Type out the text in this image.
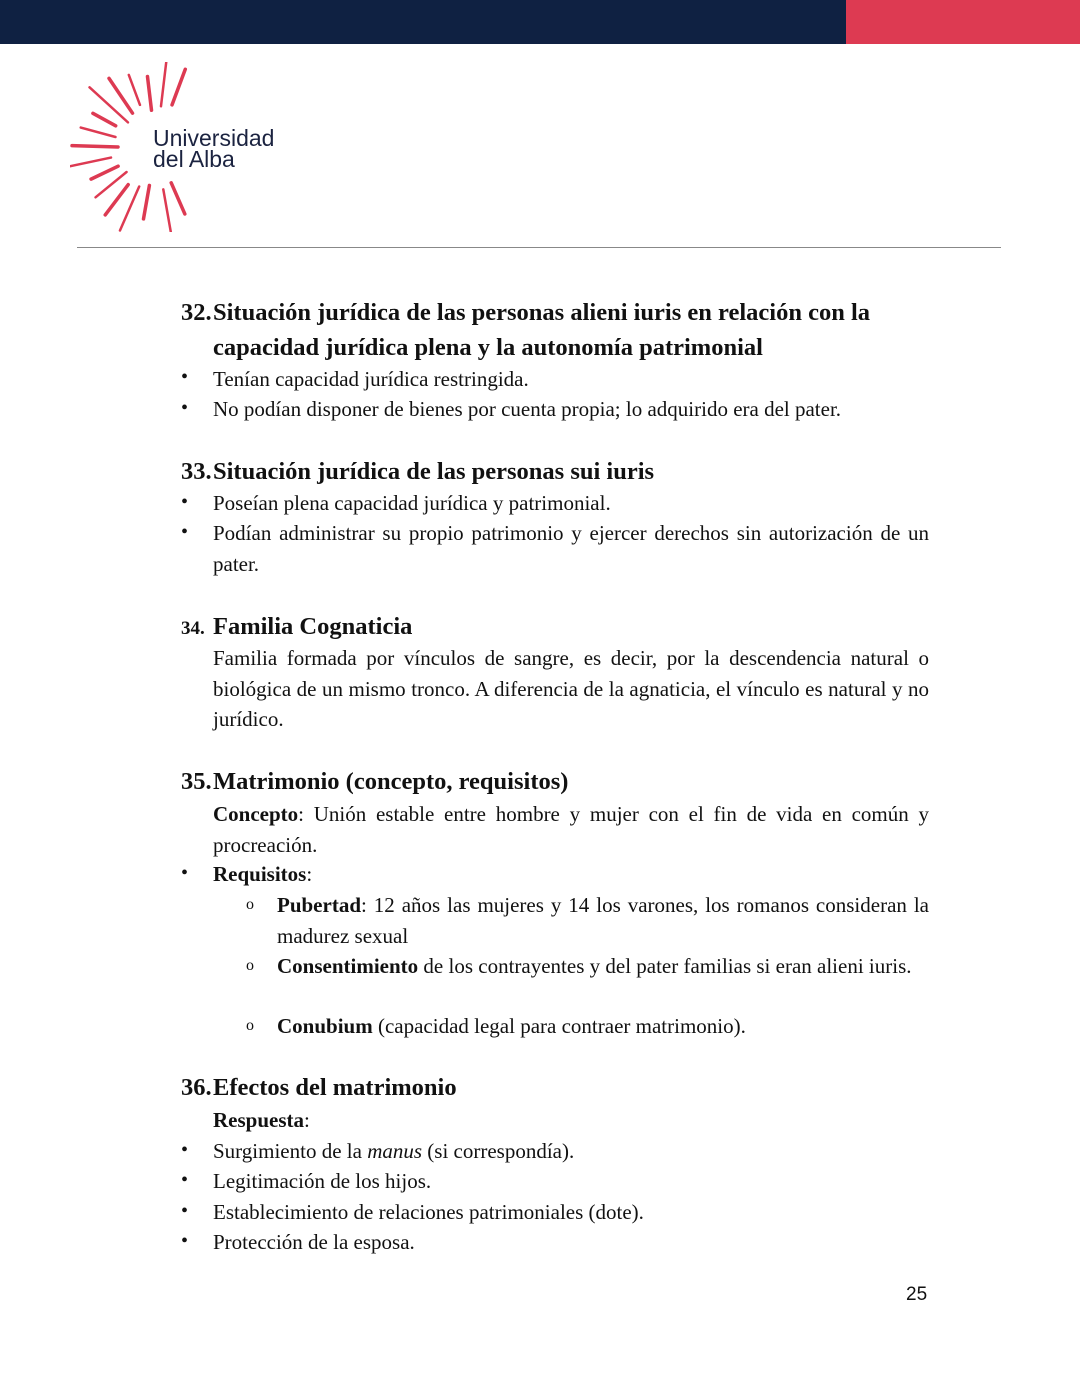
Universidad
del Alba
32.Situación jurídica de las personas alieni iuris en relación con la capacidad jurídica plena y la autonomía patrimonial
• Tenían capacidad jurídica restringida.
• No podían disponer de bienes por cuenta propia; lo adquirido era del pater.
33.Situación jurídica de las personas sui iuris
• Poseían plena capacidad jurídica y patrimonial.
• Podían administrar su propio patrimonio y ejercer derechos sin autorización de un pater.
34. Familia Cognaticia
Familia formada por vínculos de sangre, es decir, por la descendencia natural o biológica de un mismo tronco. A diferencia de la agnaticia, el vínculo es natural y no jurídico.
35.Matrimonio (concepto, requisitos)
Concepto: Unión estable entre hombre y mujer con el fin de vida en común y procreación.
• Requisitos:
o Pubertad: 12 años las mujeres y 14 los varones, los romanos consideran la madurez sexual
o Consentimiento de los contrayentes y del pater familias si eran alieni iuris.
o Conubium (capacidad legal para contraer matrimonio).
36.Efectos del matrimonio
Respuesta:
• Surgimiento de la manus (si correspondía).
• Legitimación de los hijos.
• Establecimiento de relaciones patrimoniales (dote).
• Protección de la esposa.
25
